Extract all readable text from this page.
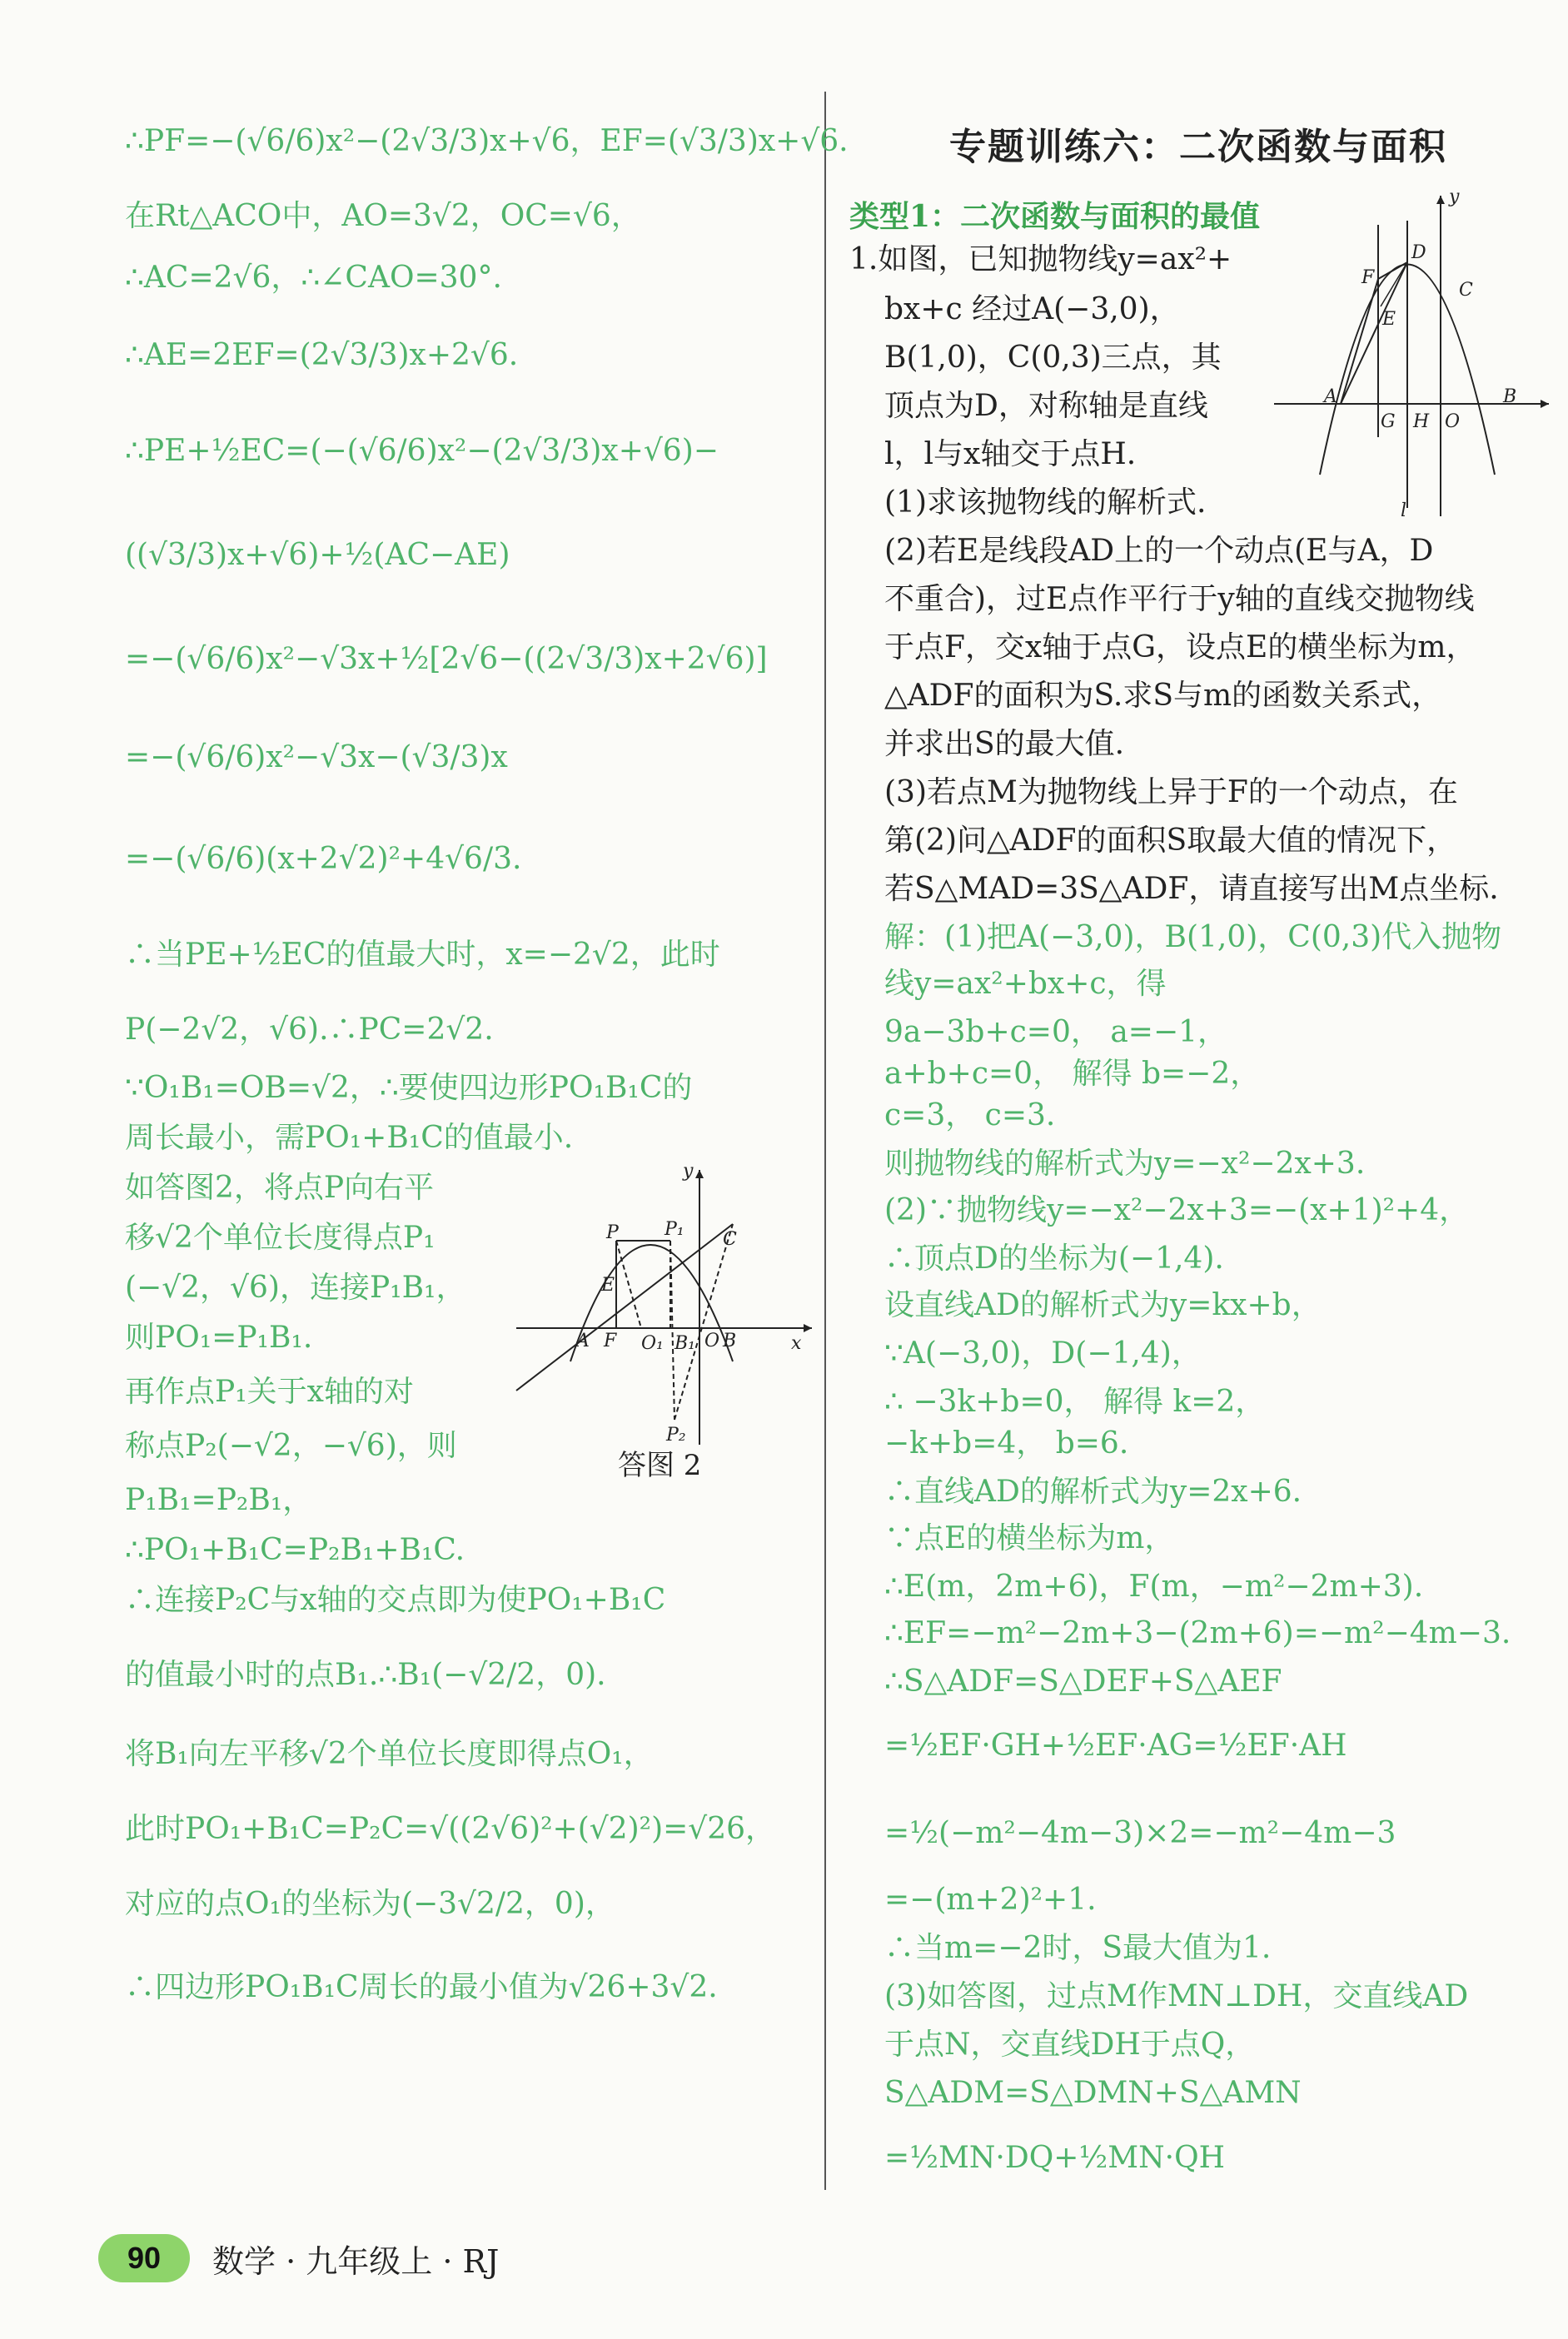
∴PF=−(√6/6)x²−(2√3/3)x+√6，EF=(√3/3)x+√6.
在Rt△ACO中，AO=3√2，OC=√6，
∴AC=2√6，∴∠CAO=30°.
∴AE=2EF=(2√3/3)x+2√6.
∴PE+½EC=(−(√6/6)x²−(2√3/3)x+√6)−
((√3/3)x+√6)+½(AC−AE)
=−(√6/6)x²−√3x+½[2√6−((2√3/3)x+2√6)]
=−(√6/6)x²−√3x−(√3/3)x
=−(√6/6)(x+2√2)²+4√6/3.
∴当PE+½EC的值最大时，x=−2√2，此时
P(−2√2，√6).∴PC=2√2.
∵O₁B₁=OB=√2，∴要使四边形PO₁B₁C的
周长最小，需PO₁+B₁C的值最小.
如答图2，将点P向右平
移√2个单位长度得点P₁
(−√2，√6)，连接P₁B₁，
则PO₁=P₁B₁.
再作点P₁关于x轴的对
称点P₂(−√2，−√6)，则
P₁B₁=P₂B₁，
∴PO₁+B₁C=P₂B₁+B₁C.
∴连接P₂C与x轴的交点即为使PO₁+B₁C
的值最小时的点B₁.∴B₁(−√2/2，0).
将B₁向左平移√2个单位长度即得点O₁，
此时PO₁+B₁C=P₂C=√((2√6)²+(√2)²)=√26，
对应的点O₁的坐标为(−3√2/2，0)，
∴四边形PO₁B₁C周长的最小值为√26+3√2.
P	P₁ C
E
A F O₁ B₁ O B	x
y
P₂
答图 2
专题训练六：二次函数与面积
类型1：二次函数与面积的最值
1.如图，已知抛物线y=ax²+
bx+c 经过A(−3,0)，
B(1,0)，C(0,3)三点，其
顶点为D，对称轴是直线
l，l与x轴交于点H.
(1)求该抛物线的解析式.
(2)若E是线段AD上的一个动点(E与A，D
不重合)，过E点作平行于y轴的直线交抛物线
于点F，交x轴于点G，设点E的横坐标为m，
△ADF的面积为S.求S与m的函数关系式，
并求出S的最大值.
(3)若点M为抛物线上异于F的一个动点，在
第(2)问△ADF的面积S取最大值的情况下，
若S△MAD=3S△ADF，请直接写出M点坐标.
解：(1)把A(−3,0)，B(1,0)，C(0,3)代入抛物
线y=ax²+bx+c，得
9a−3b+c=0， a=−1，
a+b+c=0， 解得 b=−2，
c=3， c=3.
则抛物线的解析式为y=−x²−2x+3.
(2)∵抛物线y=−x²−2x+3=−(x+1)²+4，
∴顶点D的坐标为(−1,4).
设直线AD的解析式为y=kx+b，
∵A(−3,0)，D(−1,4)，
∴ −3k+b=0， 解得 k=2，
−k+b=4， b=6.
∴直线AD的解析式为y=2x+6.
∵点E的横坐标为m，
∴E(m，2m+6)，F(m，−m²−2m+3).
∴EF=−m²−2m+3−(2m+6)=−m²−4m−3.
∴S△ADF=S△DEF+S△AEF
=½EF·GH+½EF·AG=½EF·AH
=½(−m²−4m−3)×2=−m²−4m−3
=−(m+2)²+1.
∴当m=−2时，S最大值为1.
(3)如答图，过点M作MN⊥DH，交直线AD
于点N，交直线DH于点Q，
S△ADM=S△DMN+S△AMN
=½MN·DQ+½MN·QH
y
D
F
C
E
A
G H O
B
l
90	数学 · 九年级上 · RJ
